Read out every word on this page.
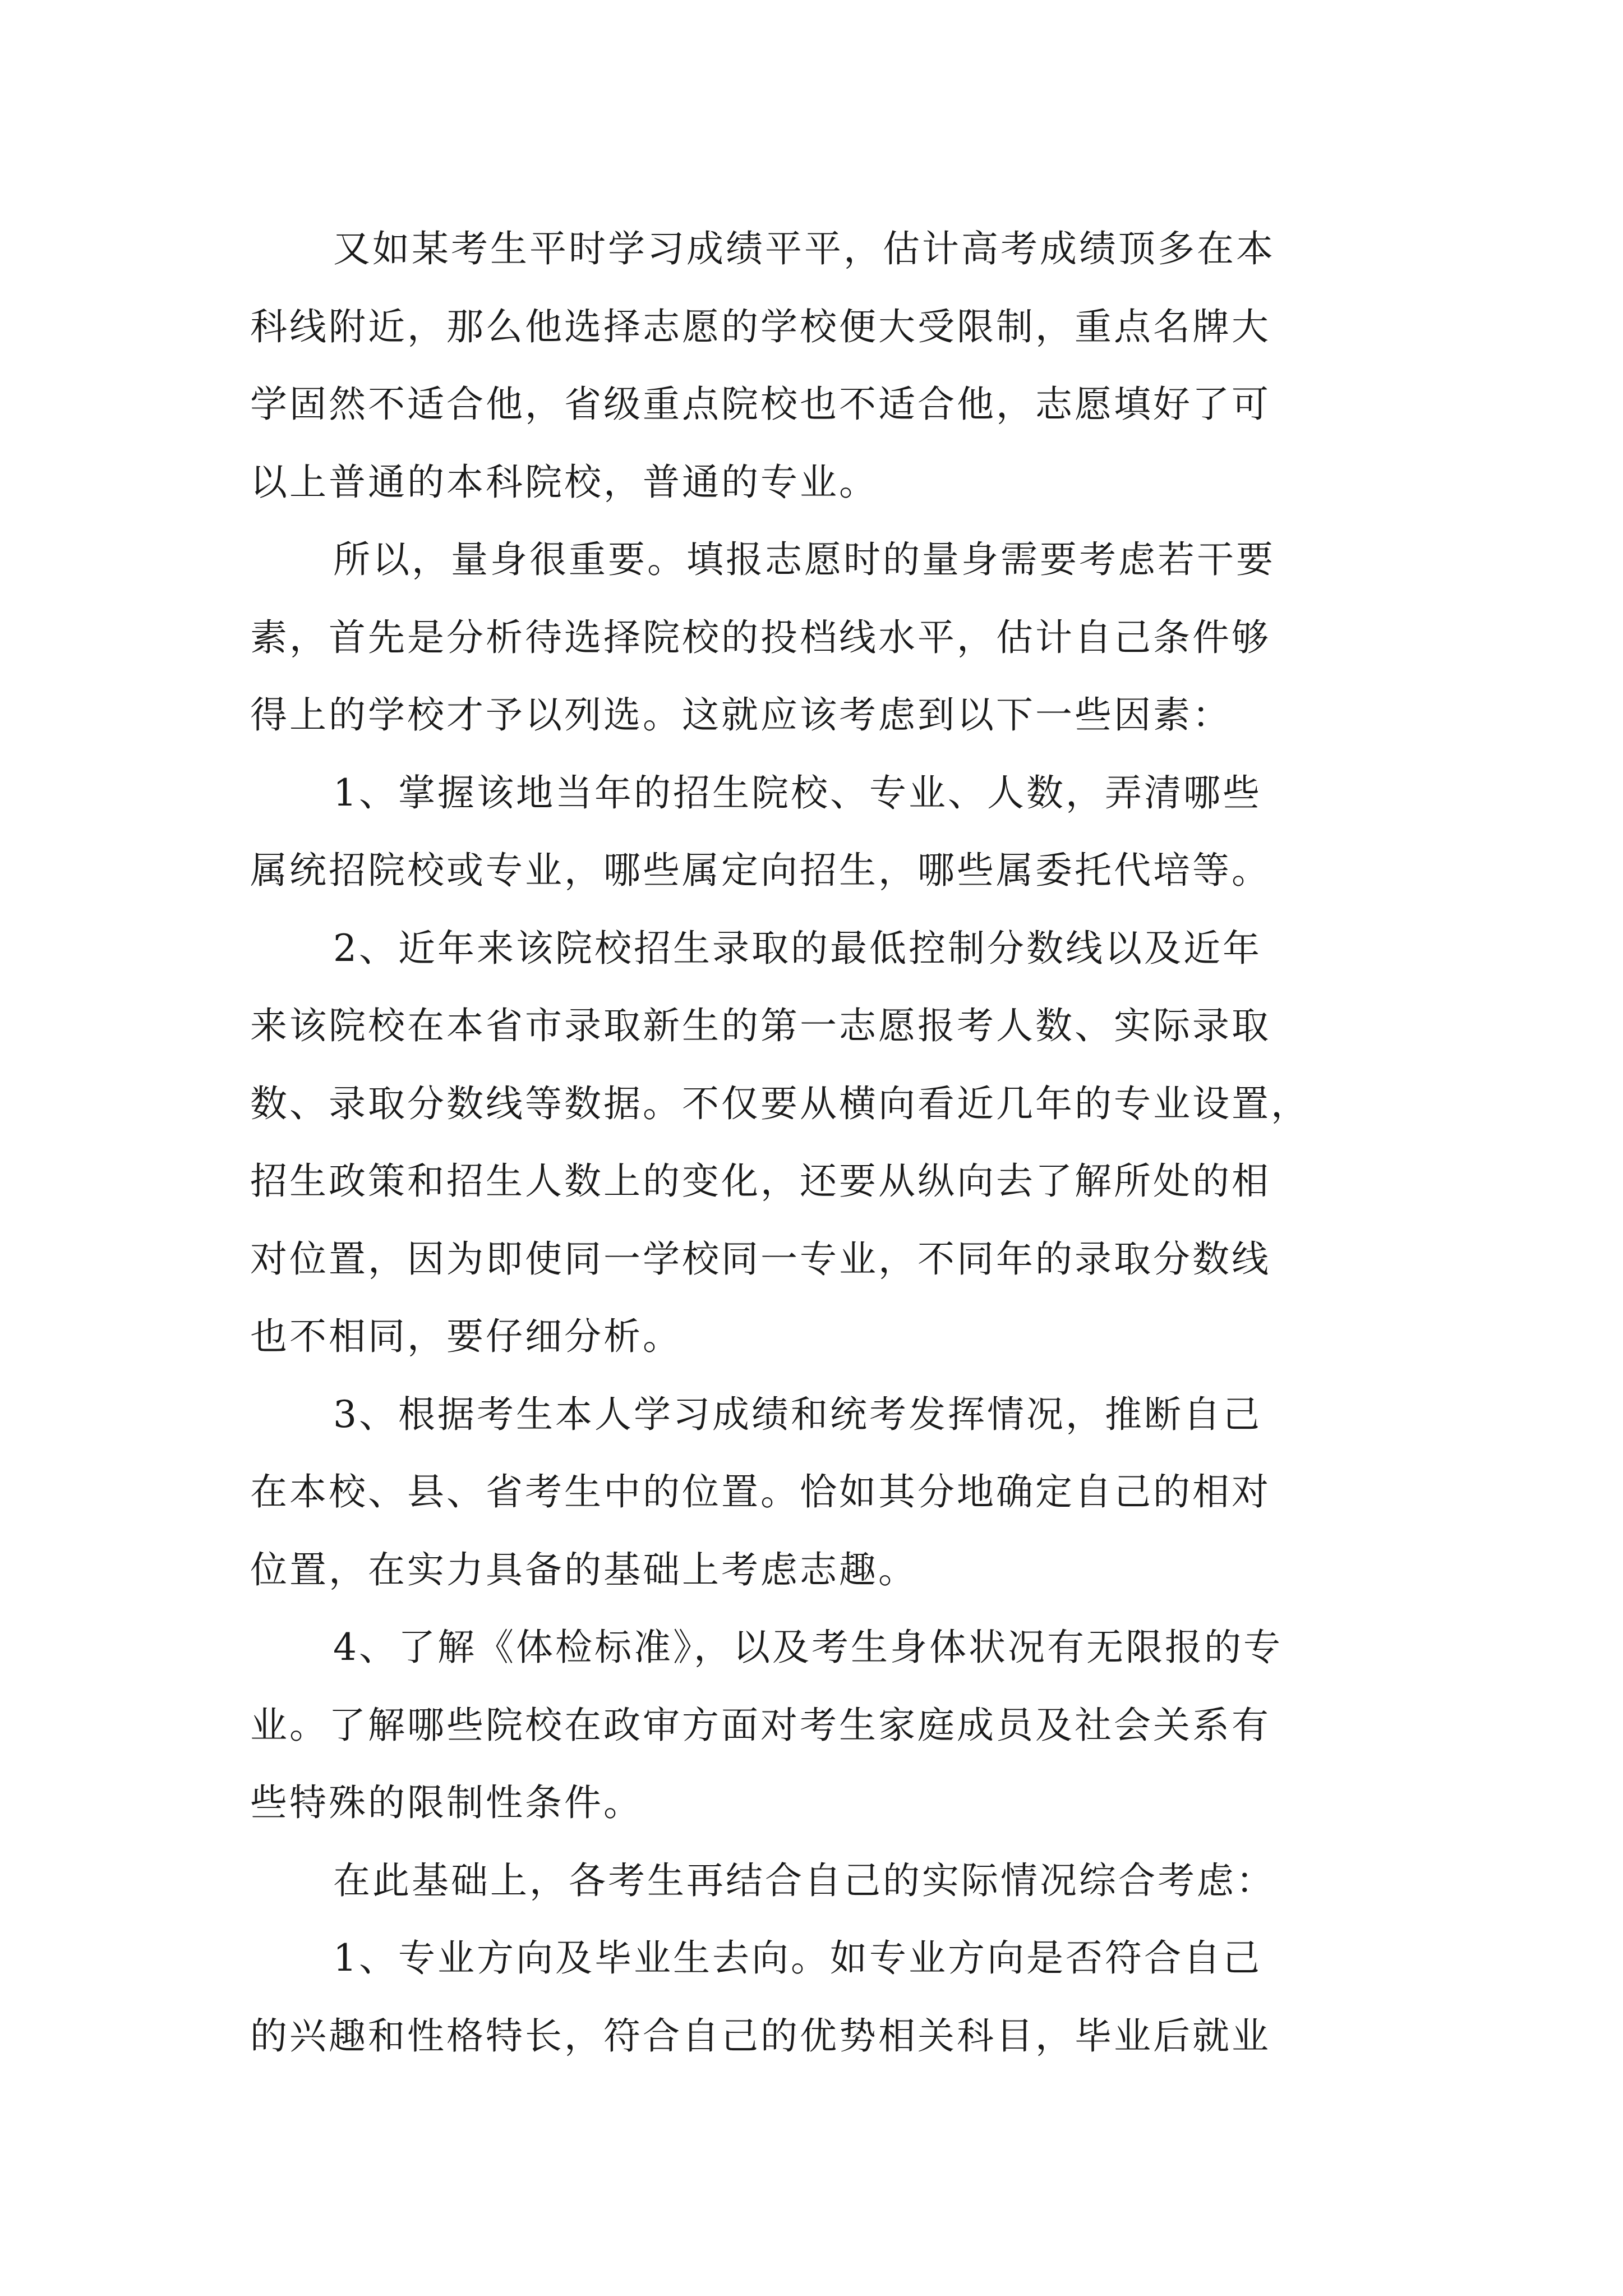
又如某考生平时学习成绩平平，估计高考成绩顶多在本
科线附近，那么他选择志愿的学校便大受限制，重点名牌大
学固然不适合他，省级重点院校也不适合他，志愿填好了可
以上普通的本科院校，普通的专业。
所以，量身很重要。填报志愿时的量身需要考虑若干要
素，首先是分析待选择院校的投档线水平，估计自己条件够
得上的学校才予以列选。这就应该考虑到以下一些因素：
1、掌握该地当年的招生院校、专业、人数，弄清哪些
属统招院校或专业，哪些属定向招生，哪些属委托代培等。
2、近年来该院校招生录取的最低控制分数线以及近年
来该院校在本省市录取新生的第一志愿报考人数、实际录取
数、录取分数线等数据。不仅要从横向看近几年的专业设置，
招生政策和招生人数上的变化，还要从纵向去了解所处的相
对位置，因为即使同一学校同一专业，不同年的录取分数线
也不相同，要仔细分析。
3、根据考生本人学习成绩和统考发挥情况，推断自己
在本校、县、省考生中的位置。恰如其分地确定自己的相对
位置，在实力具备的基础上考虑志趣。
4、了解《体检标准》，以及考生身体状况有无限报的专
业。了解哪些院校在政审方面对考生家庭成员及社会关系有
些特殊的限制性条件。
在此基础上，各考生再结合自己的实际情况综合考虑：
1、专业方向及毕业生去向。如专业方向是否符合自己
的兴趣和性格特长，符合自己的优势相关科目，毕业后就业
